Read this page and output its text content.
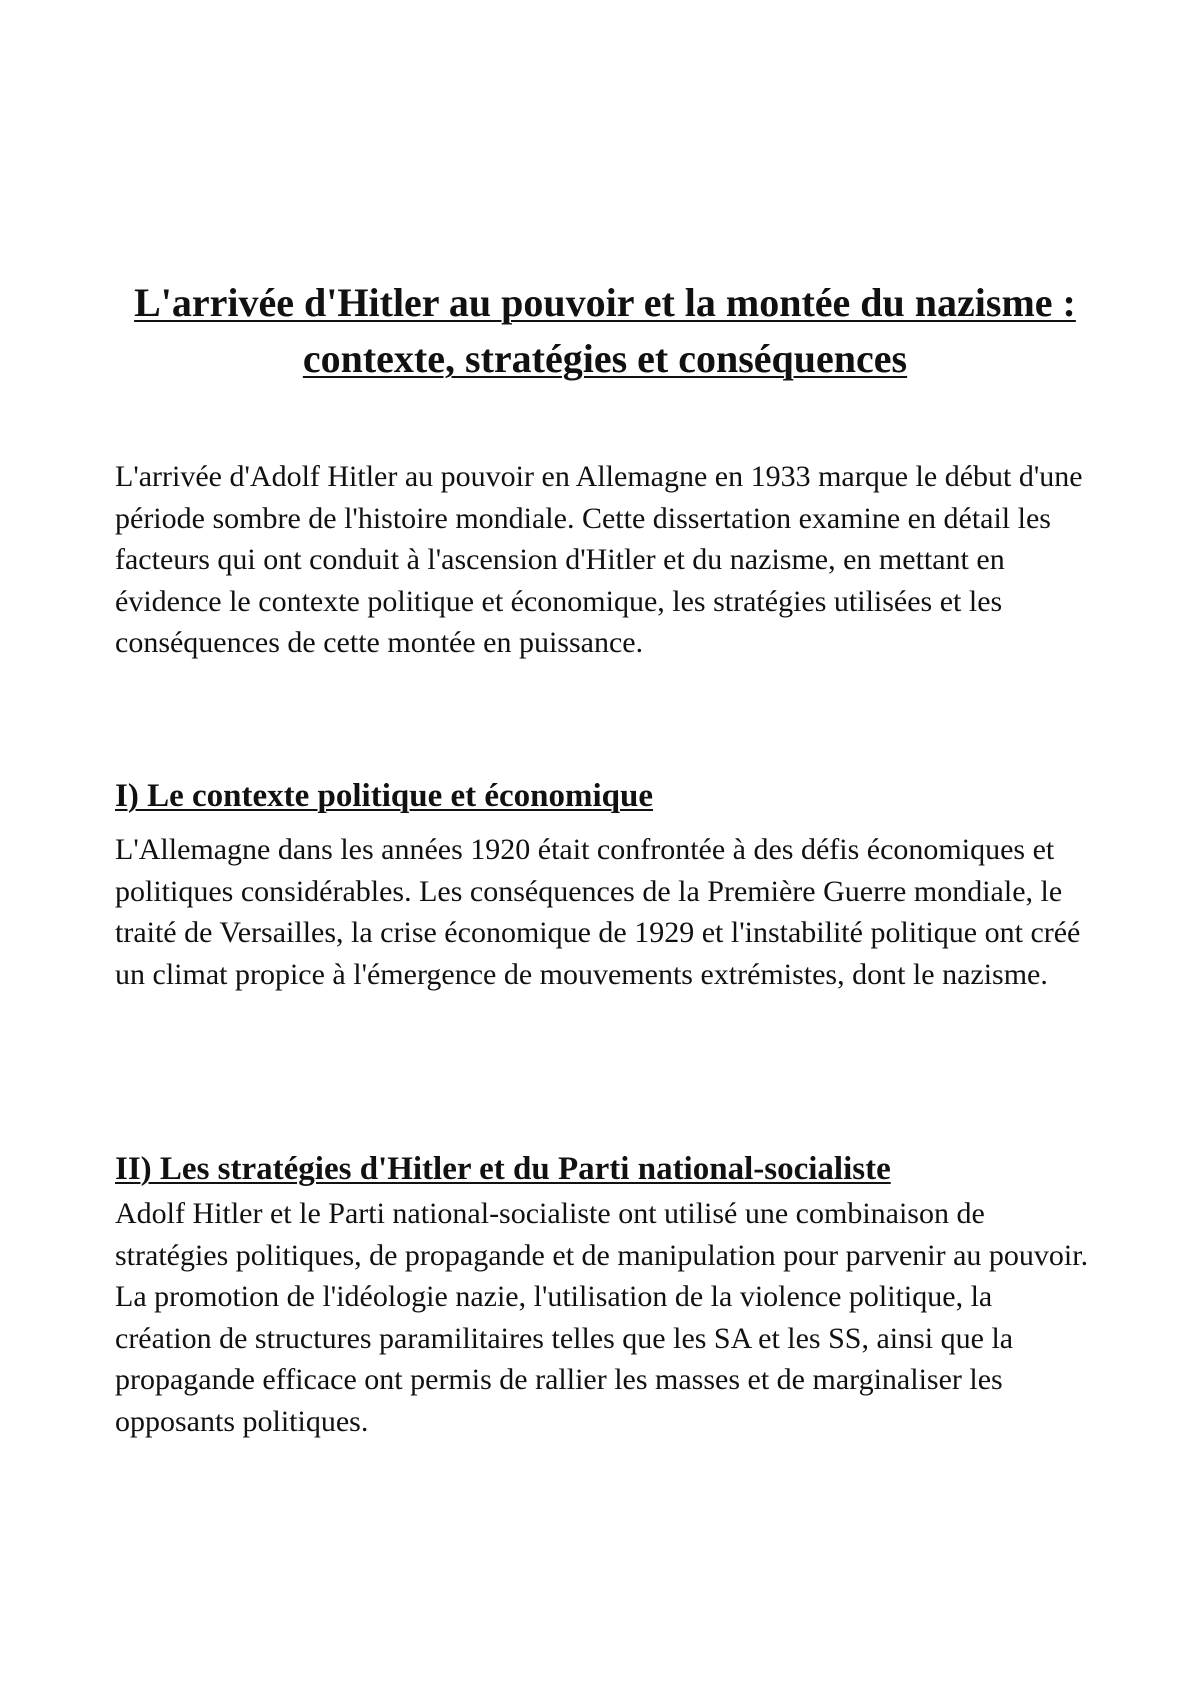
L'arrivée d'Hitler au pouvoir et la montée du nazisme : contexte, stratégies et conséquences

L'arrivée d'Adolf Hitler au pouvoir en Allemagne en 1933 marque le début d'une période sombre de l'histoire mondiale. Cette dissertation examine en détail les facteurs qui ont conduit à l'ascension d'Hitler et du nazisme, en mettant en évidence le contexte politique et économique, les stratégies utilisées et les conséquences de cette montée en puissance.

I) Le contexte politique et économique

L'Allemagne dans les années 1920 était confrontée à des défis économiques et politiques considérables. Les conséquences de la Première Guerre mondiale, le traité de Versailles, la crise économique de 1929 et l'instabilité politique ont créé un climat propice à l'émergence de mouvements extrémistes, dont le nazisme.

II) Les stratégies d'Hitler et du Parti national-socialiste

Adolf Hitler et le Parti national-socialiste ont utilisé une combinaison de stratégies politiques, de propagande et de manipulation pour parvenir au pouvoir. La promotion de l'idéologie nazie, l'utilisation de la violence politique, la création de structures paramilitaires telles que les SA et les SS, ainsi que la propagande efficace ont permis de rallier les masses et de marginaliser les opposants politiques.
